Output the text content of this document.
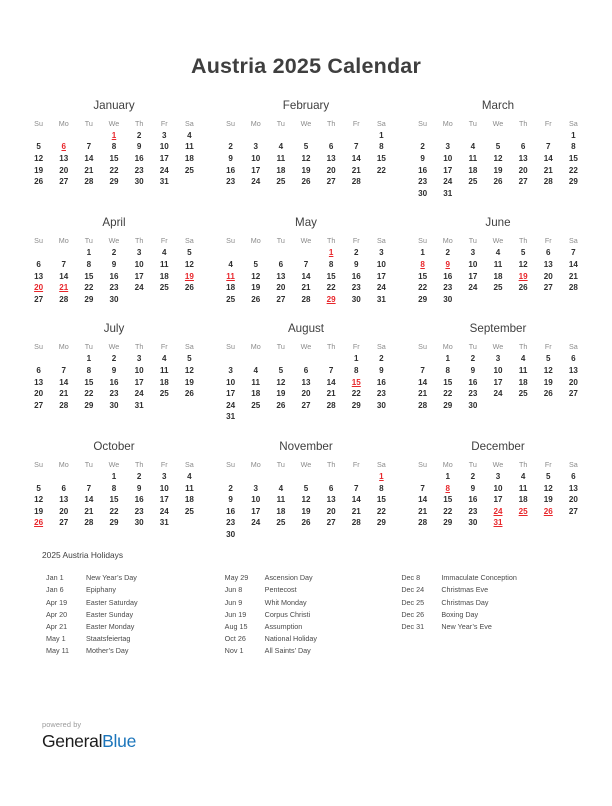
Austria 2025 Calendar
January
Su	Mo	Tu	We	Th	Fr	Sa
			1	2	3	4
5	6	7	8	9	10	11
12	13	14	15	16	17	18
19	20	21	22	23	24	25
26	27	28	29	30	31	
February
Su	Mo	Tu	We	Th	Fr	Sa
						1
2	3	4	5	6	7	8
9	10	11	12	13	14	15
16	17	18	19	20	21	22
23	24	25	26	27	28	
March
Su	Mo	Tu	We	Th	Fr	Sa
						1
2	3	4	5	6	7	8
9	10	11	12	13	14	15
16	17	18	19	20	21	22
23	24	25	26	27	28	29
30	31					
April
Su	Mo	Tu	We	Th	Fr	Sa
		1	2	3	4	5
6	7	8	9	10	11	12
13	14	15	16	17	18	19
20	21	22	23	24	25	26
27	28	29	30			
May
Su	Mo	Tu	We	Th	Fr	Sa
				1	2	3
4	5	6	7	8	9	10
11	12	13	14	15	16	17
18	19	20	21	22	23	24
25	26	27	28	29	30	31
June
Su	Mo	Tu	We	Th	Fr	Sa
1	2	3	4	5	6	7
8	9	10	11	12	13	14
15	16	17	18	19	20	21
22	23	24	25	26	27	28
29	30					
July
Su	Mo	Tu	We	Th	Fr	Sa
		1	2	3	4	5
6	7	8	9	10	11	12
13	14	15	16	17	18	19
20	21	22	23	24	25	26
27	28	29	30	31		
August
Su	Mo	Tu	We	Th	Fr	Sa
					1	2
3	4	5	6	7	8	9
10	11	12	13	14	15	16
17	18	19	20	21	22	23
24	25	26	27	28	29	30
31						
September
Su	Mo	Tu	We	Th	Fr	Sa
	1	2	3	4	5	6
7	8	9	10	11	12	13
14	15	16	17	18	19	20
21	22	23	24	25	26	27
28	29	30				
October
Su	Mo	Tu	We	Th	Fr	Sa
			1	2	3	4
5	6	7	8	9	10	11
12	13	14	15	16	17	18
19	20	21	22	23	24	25
26	27	28	29	30	31	
November
Su	Mo	Tu	We	Th	Fr	Sa
						1
2	3	4	5	6	7	8
9	10	11	12	13	14	15
16	17	18	19	20	21	22
23	24	25	26	27	28	29
30						
December
Su	Mo	Tu	We	Th	Fr	Sa
	1	2	3	4	5	6
7	8	9	10	11	12	13
14	15	16	17	18	19	20
21	22	23	24	25	26	27
28	29	30	31			
2025 Austria Holidays
Jan 1	New Year’s Day
Jan 6	Epiphany
Apr 19	Easter Saturday
Apr 20	Easter Sunday
Apr 21	Easter Monday
May 1	Staatsfeiertag
May 11	Mother’s Day
May 29	Ascension Day
Jun 8	Pentecost
Jun 9	Whit Monday
Jun 19	Corpus Christi
Aug 15	Assumption
Oct 26	National Holiday
Nov 1	All Saints’ Day
Dec 8	Immaculate Conception
Dec 24	Christmas Eve
Dec 25	Christmas Day
Dec 26	Boxing Day
Dec 31	New Year’s Eve
powered by
GeneralBlue
